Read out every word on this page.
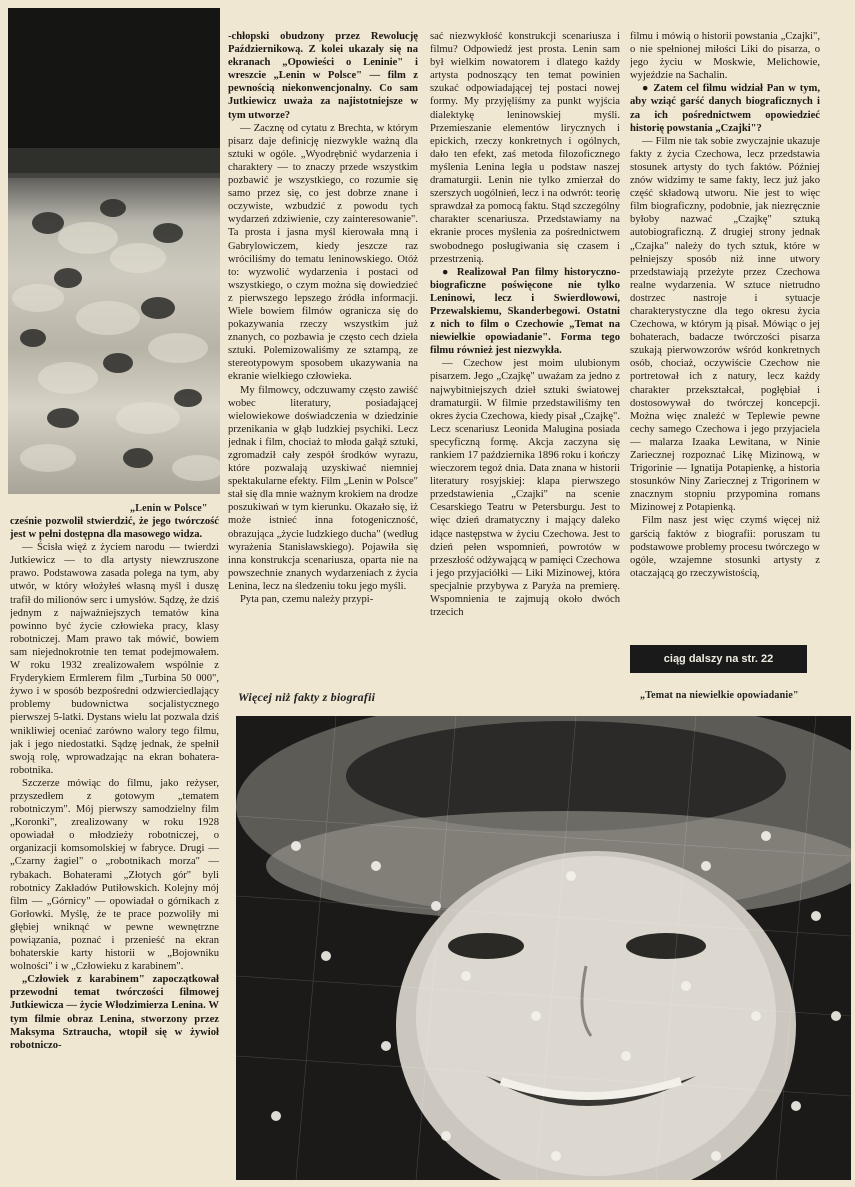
„Lenin w Polsce"

cześnie pozwolił stwierdzić, że jego twórczość jest w pełni dostępna dla masowego widza.

— Ścisła więź z życiem narodu — twierdzi Jutkiewicz — to dla artysty niewzruszone prawo. Podstawowa zasada polega na tym, aby utwór, w który włożyłeś własną myśl i duszę trafił do milionów serc i umysłów. Sądzę, że dziś jednym z najważniejszych tematów kina powinno być życie człowieka pracy, klasy robotniczej. Mam prawo tak mówić, bowiem sam niejednokrotnie ten temat podejmowałem. W roku 1932 zrealizowałem wspólnie z Fryderykiem Ermlerem film „Turbina 50 000", żywo i w sposób bezpośredni odzwierciedlający problemy budownictwa socjalistycznego pierwszej 5-latki. Dystans wielu lat pozwala dziś wnikliwiej oceniać zarówno walory tego filmu, jak i jego niedostatki. Sądzę jednak, że spełnił swoją rolę, wprowadzając na ekran bohatera-robotnika.

Szczerze mówiąc do filmu, jako reżyser, przyszedłem z gotowym „tematem robotniczym". Mój pierwszy samodzielny film „Koronki", zrealizowany w roku 1928 opowiadał o młodzieży robotniczej, o organizacji komsomolskiej w fabryce. Drugi — „Czarny żagiel" o „robotnikach morza" — rybakach. Bohaterami „Złotych gór" byli robotnicy Zakładów Putiłowskich. Kolejny mój film — „Górnicy" — opowiadał o górnikach z Gorłowki. Myślę, że te prace pozwoliły mi głębiej wniknąć w pewne wewnętrzne powiązania, poznać i przenieść na ekran bohaterskie karty historii w „Bojowniku wolności" i w „Człowieku z karabinem".

„Człowiek z karabinem" zapoczątkował przewodni temat twórczości filmowej Jutkiewicza — życie Włodzimierza Lenina. W tym filmie obraz Lenina, stworzony przez Maksyma Sztraucha, wtopił się w żywioł robotniczo-

-chłopski obudzony przez Rewolucję Październikową. Z kolei ukazały się na ekranach „Opowieści o Leninie" i wreszcie „Lenin w Polsce" — film z pewnością niekonwencjonalny. Co sam Jutkiewicz uważa za najistotniejsze w tym utworze?

— Zacznę od cytatu z Brechta, w którym pisarz daje definicję niezwykle ważną dla sztuki w ogóle. „Wyodrębnić wydarzenia i charaktery — to znaczy przede wszystkim pozbawić je wszystkiego, co rozumie się samo przez się, co jest dobrze znane i oczywiste, wzbudzić z powodu tych wydarzeń zdziwienie, czy zainteresowanie". Ta prosta i jasna myśl kierowała mną i Gabrylowiczem, kiedy jeszcze raz wróciliśmy do tematu leninowskiego. Otóż to: wyzwolić wydarzenia i postaci od wszystkiego, o czym można się dowiedzieć z pierwszego lepszego źródła informacji. Wiele bowiem filmów ogranicza się do pokazywania rzeczy wszystkim już znanych, co pozbawia je często cech dzieła sztuki. Polemizowaliśmy ze sztampą, ze stereotypowym sposobem ukazywania na ekranie wielkiego człowieka.

My filmowcy, odczuwamy często zawiść wobec literatury, posiadającej wielowiekowe doświadczenia w dziedzinie przenikania w głąb ludzkiej psychiki. Lecz jednak i film, chociaż to młoda gałąź sztuki, zgromadził cały zespół środków wyrazu, które pozwalają uzyskiwać niemniej spektakularne efekty. Film „Lenin w Polsce" stał się dla mnie ważnym krokiem na drodze poszukiwań w tym kierunku. Okazało się, iż może istnieć inna fotogeniczność, obrazująca „życie ludzkiego ducha" (według wyrażenia Stanisławskiego). Pojawiła się inna konstrukcja scenariusza, oparta nie na powszechnie znanych wydarzeniach z życia Lenina, lecz na śledzeniu toku jego myśli.

Pyta pan, czemu należy przypi-

sać niezwykłość konstrukcji scenariusza i filmu? Odpowiedź jest prosta. Lenin sam był wielkim nowatorem i dlatego każdy artysta podnoszący ten temat powinien szukać odpowiadającej tej postaci nowej formy. My przyjęliśmy za punkt wyjścia dialektykę leninowskiej myśli. Przemieszanie elementów lirycznych i epickich, rzeczy konkretnych i ogólnych, dało ten efekt, zaś metoda filozoficznego myślenia Lenina legła u podstaw naszej dramaturgii. Lenin nie tylko zmierzał do szerszych uogólnień, lecz i na odwrót: teorię sprawdzał za pomocą faktu. Stąd szczególny charakter scenariusza. Przedstawiamy na ekranie proces myślenia za pośrednictwem swobodnego posługiwania się czasem i przestrzenią.

● Realizował Pan filmy historyczno-biograficzne poświęcone nie tylko Leninowi, lecz i Swierdłowowi, Przewalskiemu, Skanderbegowi. Ostatni z nich to film o Czechowie „Temat na niewielkie opowiadanie". Forma tego filmu również jest niezwykła.

— Czechow jest moim ulubionym pisarzem. Jego „Czajkę" uważam za jedno z najwybitniejszych dzieł sztuki światowej dramaturgii. W filmie przedstawiliśmy ten okres życia Czechowa, kiedy pisał „Czajkę". Lecz scenariusz Leonida Malugina posiada specyficzną formę. Akcja zaczyna się rankiem 17 października 1896 roku i kończy wieczorem tegoż dnia. Data znana w historii literatury rosyjskiej: klapa pierwszego przedstawienia „Czajki" na scenie Cesarskiego Teatru w Petersburgu. Jest to więc dzień dramatyczny i mający daleko idące następstwa w życiu Czechowa. Jest to dzień pełen wspomnień, powrotów w przeszłość odżywającą w pamięci Czechowa i jego przyjaciółki — Liki Mizinowej, która specjalnie przybywa z Paryża na premierę. Wspomnienia te zajmują około dwóch trzecich

filmu i mówią o historii powstania „Czajki", o nie spełnionej miłości Liki do pisarza, o jego życiu w Moskwie, Melichowie, wyjeździe na Sachalin.

● Zatem cel filmu widział Pan w tym, aby wziąć garść danych biograficznych i za ich pośrednictwem opowiedzieć historię powstania „Czajki"?

— Film nie tak sobie zwyczajnie ukazuje fakty z życia Czechowa, lecz przedstawia stosunek artysty do tych faktów. Później znów widzimy te same fakty, lecz już jako część składową utworu. Nie jest to więc film biograficzny, podobnie, jak niezręcznie byłoby nazwać „Czajkę" sztuką autobiograficzną. Z drugiej strony jednak „Czajka" należy do tych sztuk, które w pełniejszy sposób niż inne utwory przedstawiają przeżyte przez Czechowa realne wydarzenia. W sztuce nietrudno dostrzec nastroje i sytuacje charakterystyczne dla tego okresu życia Czechowa, w którym ją pisał. Mówiąc o jej bohaterach, badacze twórczości pisarza szukają pierwowzorów wśród konkretnych osób, chociaż, oczywiście Czechow nie portretował ich z natury, lecz każdy charakter przekształcał, pogłębiał i dostosowywał do twórczej koncepcji. Można więc znaleźć w Teplewie pewne cechy samego Czechowa i jego przyjaciela — malarza Izaaka Lewitana, w Ninie Zariecznej rozpoznać Likę Mizinową, w Trigorinie — Ignatija Potapienkę, a historia stosunków Niny Zariecznej z Trigorinem w znacznym stopniu przypomina romans Mizinowej z Potapienką.

Film nasz jest więc czymś więcej niż garścią faktów z biografii: poruszam tu podstawowe problemy procesu twórczego w ogóle, wzajemne stosunki artysty z otaczającą go rzeczywistością,

ciąg dalszy na str. 22
Więcej niż fakty z biografii	„Temat na niewielkie opowiadanie"
